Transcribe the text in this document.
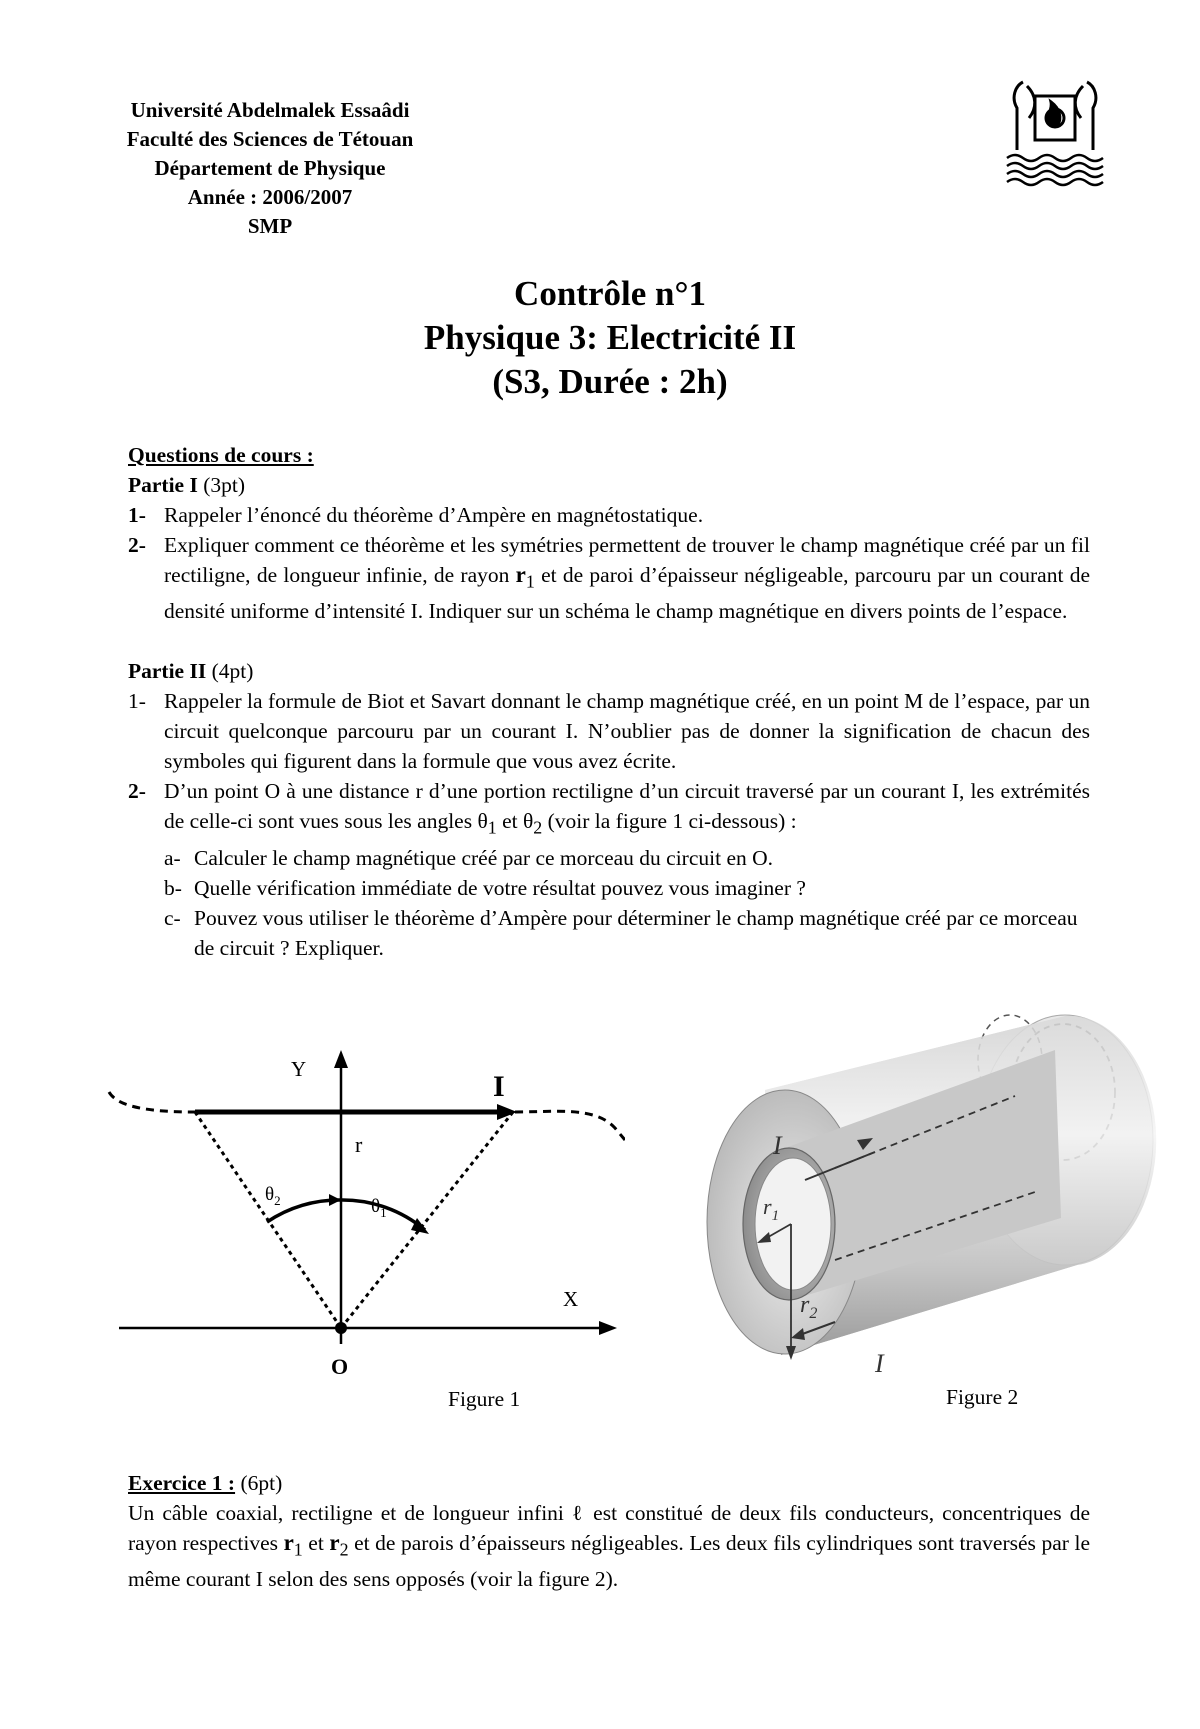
Université Abdelmalek Essaâdi
Faculté des Sciences de Tétouan
Département de Physique
Année : 2006/2007
SMP
Contrôle n°1
Physique 3: Electricité II
(S3, Durée : 2h)
Questions de cours :
Partie I (3pt)
1- Rappeler l’énoncé du théorème d’Ampère en magnétostatique.
2- Expliquer comment ce théorème et les symétries permettent de trouver le champ magnétique créé par un fil rectiligne, de longueur infinie, de rayon $r_1$ et de paroi d’épaisseur négligeable, parcouru par un courant de densité uniforme d’intensité I. Indiquer sur un schéma le champ magnétique en divers points de l’espace.
Partie II (4pt)
1- Rappeler la formule de Biot et Savart donnant le champ magnétique créé, en un point M de l’espace, par un circuit quelconque parcouru par un courant I. N’oublier pas de donner la signification de chacun des symboles qui figurent dans la formule que vous avez écrite.
2- D’un point O à une distance r d’une portion rectiligne d’un circuit traversé par un courant I, les extrémités de celle-ci sont vues sous les angles $\theta_1$ et $\theta_2$ (voir la figure 1 ci-dessous) :
a- Calculer le champ magnétique créé par ce morceau du circuit en O.
b- Quelle vérification immédiate de votre résultat pouvez vous imaginer ?
c- Pouvez vous utiliser le théorème d’Ampère pour déterminer le champ magnétique créé par ce morceau de circuit ? Expliquer.
Y
X
O
I
r
$\theta_2$	$\theta_1$
Figure 1
I
I
$r_1$
$r_2$
Figure 2
Exercice 1 : (6pt)
Un câble coaxial, rectiligne et de longueur infini ℓ est constitué de deux fils conducteurs, concentriques de rayon respectives $r_1$ et $r_2$ et de parois d’épaisseurs négligeables. Les deux fils cylindriques sont traversés par le même courant I selon des sens opposés (voir la figure 2).
